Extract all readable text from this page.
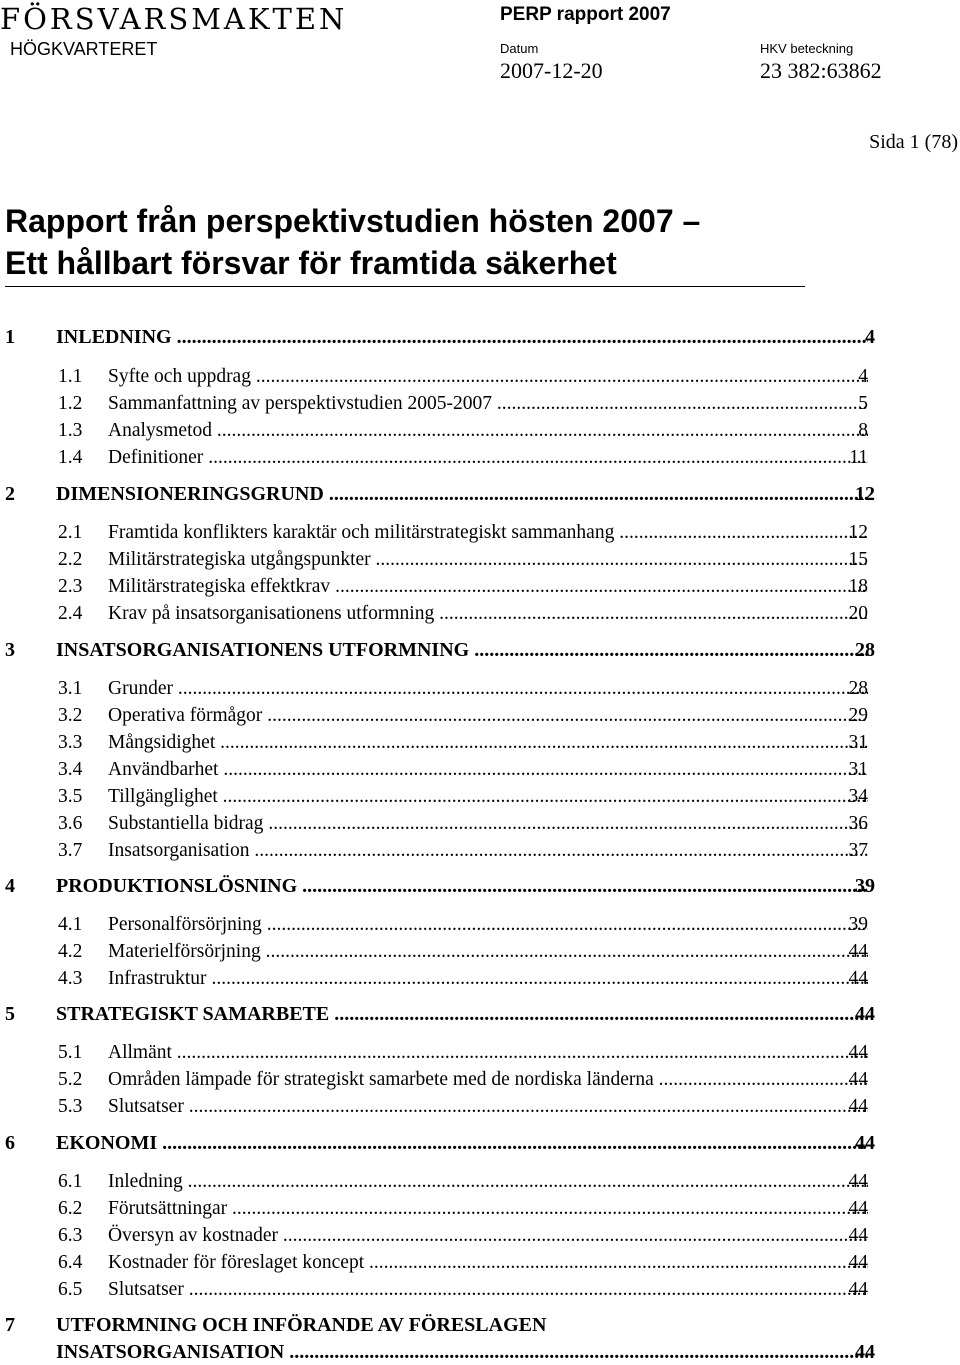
FÖRSVARSMAKTEN
HÖGKVARTERET
PERP rapport 2007
Datum
2007-12-20
HKV beteckning
23 382:63862
Sida 1 (78)
Rapport från perspektivstudien hösten 2007 –
Ett hållbart försvar för framtida säkerhet
1 INLEDNING .....	4
1.1 Syfte och uppdrag .....	4
1.2 Sammanfattning av perspektivstudien 2005-2007 .....	5
1.3 Analysmetod .....	8
1.4 Definitioner .....	11
2 DIMENSIONERINGSGRUND .....	12
2.1 Framtida konflikters karaktär och militärstrategiskt sammanhang .....	12
2.2 Militärstrategiska utgångspunkter .....	15
2.3 Militärstrategiska effektkrav .....	18
2.4 Krav på insatsorganisationens utformning .....	20
3 INSATSORGANISATIONENS UTFORMNING .....	28
3.1 Grunder .....	28
3.2 Operativa förmågor .....	29
3.3 Mångsidighet .....	31
3.4 Användbarhet .....	31
3.5 Tillgänglighet .....	34
3.6 Substantiella bidrag .....	36
3.7 Insatsorganisation .....	37
4 PRODUKTIONSLÖSNING .....	39
4.1 Personalförsörjning .....	39
4.2 Materielförsörjning .....	44
4.3 Infrastruktur .....	44
5 STRATEGISKT SAMARBETE .....	44
5.1 Allmänt .....	44
5.2 Områden lämpade för strategiskt samarbete med de nordiska länderna .....	44
5.3 Slutsatser .....	44
6 EKONOMI .....	44
6.1 Inledning .....	44
6.2 Förutsättningar .....	44
6.3 Översyn av kostnader .....	44
6.4 Kostnader för föreslaget koncept .....	44
6.5 Slutsatser .....	44
7 UTFORMNING OCH INFÖRANDE AV FÖRESLAGEN
INSATSORGANISATION .....	44
